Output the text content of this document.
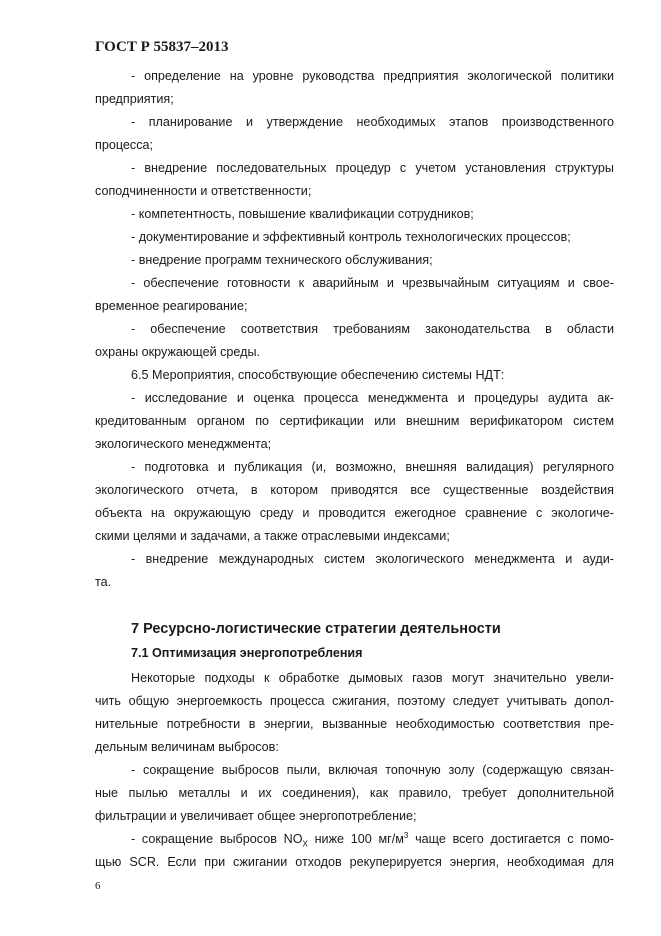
ГОСТ Р 55837–2013
- определение на уровне руководства предприятия экологической политики
предприятия;
- планирование и утверждение необходимых этапов производственного
процесса;
- внедрение последовательных процедур с учетом установления структуры
соподчиненности и ответственности;
- компетентность, повышение квалификации сотрудников;
- документирование и эффективный контроль технологических процессов;
- внедрение программ технического обслуживания;
- обеспечение готовности к аварийным и чрезвычайным ситуациям и свое-
временное реагирование;
- обеспечение соответствия требованиям законодательства в области
охраны окружающей среды.
6.5 Мероприятия, способствующие обеспечению системы НДТ:
- исследование и оценка процесса менеджмента и процедуры аудита ак-
кредитованным органом по сертификации или внешним верификатором систем
экологического менеджмента;
- подготовка и публикация (и, возможно, внешняя валидация) регулярного
экологического отчета, в котором приводятся все существенные воздействия
объекта на окружающую среду и проводится ежегодное сравнение с экологиче-
скими целями и задачами, а также отраслевыми индексами;
- внедрение международных систем экологического менеджмента и ауди-
та.
7 Ресурсно-логистические стратегии деятельности
7.1 Оптимизация энергопотребления
Некоторые подходы к обработке дымовых газов могут значительно увели-
чить общую энергоемкость процесса сжигания, поэтому следует учитывать допол-
нительные потребности в энергии, вызванные необходимостью соответствия пре-
дельным величинам выбросов:
- сокращение выбросов пыли, включая топочную золу (содержащую связан-
ные пылью металлы и их соединения), как правило, требует дополнительной
фильтрации и увеличивает общее энергопотребление;
- сокращение выбросов $NO_X$ ниже 100 $мг/м^3$ чаще всего достигается с помо-
щью SCR. Если при сжигании отходов рекуперируется энергия, необходимая для
6
